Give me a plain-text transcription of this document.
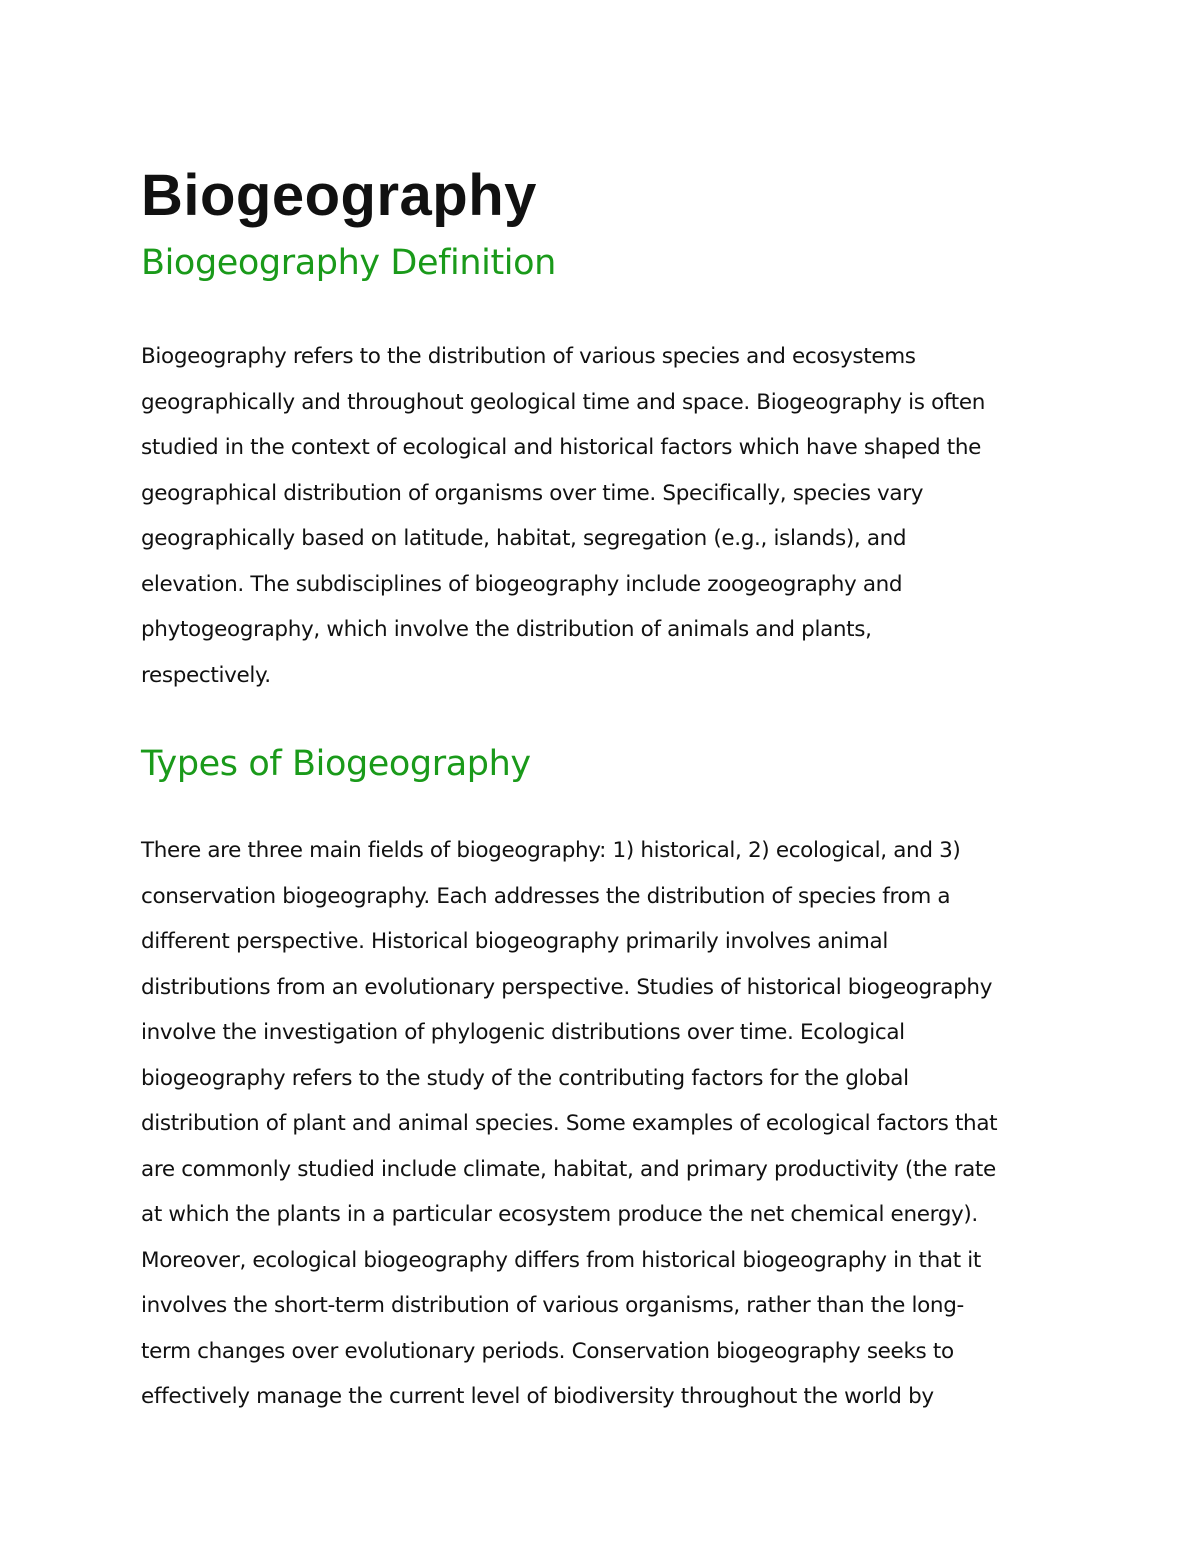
Biogeography
Biogeography Definition

Biogeography refers to the distribution of various species and ecosystems
geographically and throughout geological time and space. Biogeography is often
studied in the context of ecological and historical factors which have shaped the
geographical distribution of organisms over time. Specifically, species vary
geographically based on latitude, habitat, segregation (e.g., islands), and
elevation. The subdisciplines of biogeography include zoogeography and
phytogeography, which involve the distribution of animals and plants,
respectively.

Types of Biogeography

There are three main fields of biogeography: 1) historical, 2) ecological, and 3)
conservation biogeography. Each addresses the distribution of species from a
different perspective. Historical biogeography primarily involves animal
distributions from an evolutionary perspective. Studies of historical biogeography
involve the investigation of phylogenic distributions over time. Ecological
biogeography refers to the study of the contributing factors for the global
distribution of plant and animal species. Some examples of ecological factors that
are commonly studied include climate, habitat, and primary productivity (the rate
at which the plants in a particular ecosystem produce the net chemical energy).
Moreover, ecological biogeography differs from historical biogeography in that it
involves the short-term distribution of various organisms, rather than the long-
term changes over evolutionary periods. Conservation biogeography seeks to
effectively manage the current level of biodiversity throughout the world by
